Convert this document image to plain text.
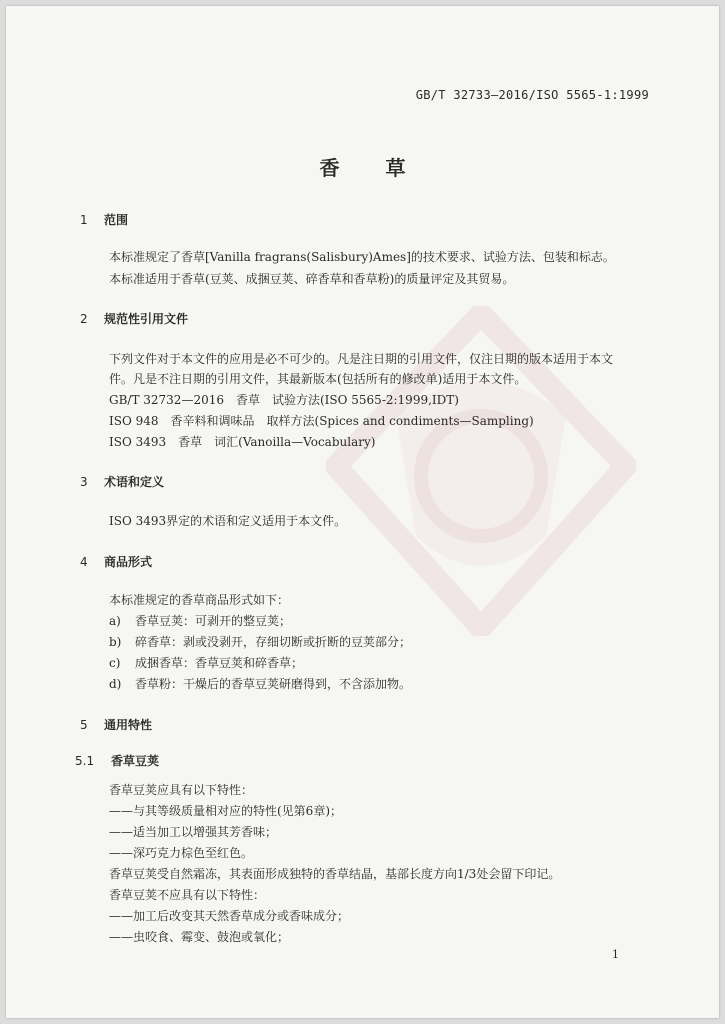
GB/T 32733—2016/ISO 5565-1:1999
香草
1 范围
本标准规定了香草[Vanilla fragrans(Salisbury)Ames]的技术要求、试验方法、包装和标志。
本标准适用于香草(豆荚、成捆豆荚、碎香草和香草粉)的质量评定及其贸易。
2 规范性引用文件
下列文件对于本文件的应用是必不可少的。凡是注日期的引用文件，仅注日期的版本适用于本文
件。凡是不注日期的引用文件，其最新版本(包括所有的修改单)适用于本文件。
GB/T 32732—2016　香草　试验方法(ISO 5565-2:1999,IDT)
ISO 948　香辛料和调味品　取样方法(Spices and condiments—Sampling)
ISO 3493　香草　词汇(Vanoilla—Vocabulary)
3 术语和定义
ISO 3493界定的术语和定义适用于本文件。
4 商品形式
本标准规定的香草商品形式如下：
a) 香草豆荚：可剥开的整豆荚；
b) 碎香草：剥或没剥开，存细切断或折断的豆荚部分；
c) 成捆香草：香草豆荚和碎香草；
d) 香草粉：干燥后的香草豆荚研磨得到，不含添加物。
5 通用特性
5.1 香草豆荚
香草豆荚应具有以下特性：
——与其等级质量相对应的特性(见第6章)；
——适当加工以增强其芳香味；
——深巧克力棕色至红色。
香草豆荚受自然霜冻，其表面形成独特的香草结晶，基部长度方向1/3处会留下印记。
香草豆荚不应具有以下特性：
——加工后改变其天然香草成分或香味成分；
——虫咬食、霉变、鼓泡或氧化；
1
